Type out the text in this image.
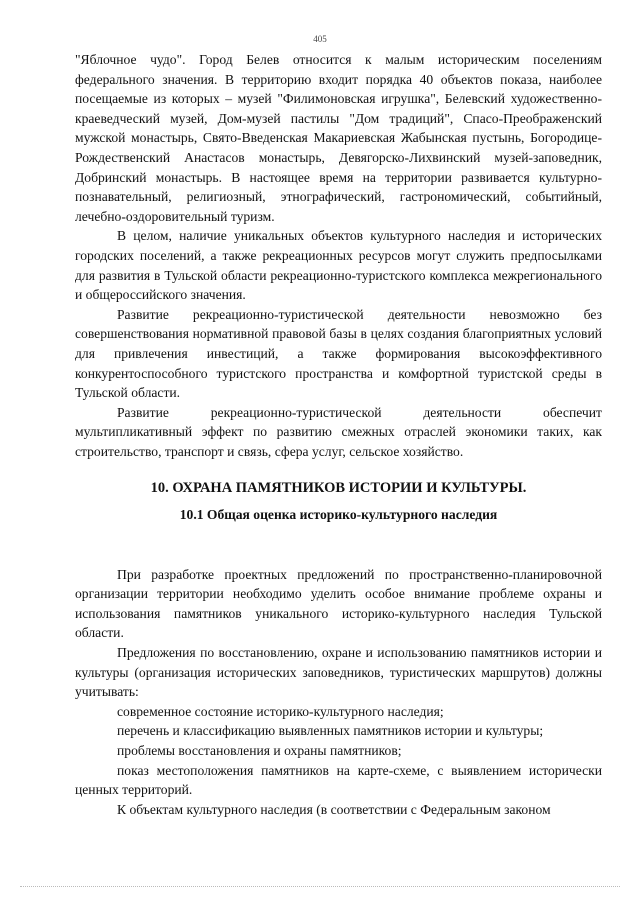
405

"Яблочное чудо". Город Белев относится к малым историческим поселениям федерального значения. В территорию входит порядка 40 объектов показа, наиболее посещаемые из которых – музей "Филимоновская игрушка", Белевский художественно-краеведческий музей, Дом-музей пастилы "Дом традиций", Спасо-Преображенский мужской монастырь, Свято-Введенская Макариевская Жабынская пустынь, Богородице-Рождественский Анастасов монастырь, Девягорско-Лихвинский музей-заповедник, Добринский монастырь. В настоящее время на территории развивается культурно-познавательный, религиозный, этнографический, гастрономический, событийный, лечебно-оздоровительный туризм.

В целом, наличие уникальных объектов культурного наследия и исторических городских поселений, а также рекреационных ресурсов могут служить предпосылками для развития в Тульской области рекреационно-туристского комплекса межрегионального и общероссийского значения.

Развитие рекреационно-туристической деятельности невозможно без совершенствования нормативной правовой базы в целях создания благоприятных условий для привлечения инвестиций, а также формирования высокоэффективного конкурентоспособного туристского пространства и комфортной туристской среды в Тульской области.

Развитие рекреационно-туристической деятельности обеспечит мультипликативный эффект по развитию смежных отраслей экономики таких, как строительство, транспорт и связь, сфера услуг, сельское хозяйство.

10. ОХРАНА ПАМЯТНИКОВ ИСТОРИИ И КУЛЬТУРЫ.
10.1 Общая оценка историко-культурного наследия

При разработке проектных предложений по пространственно-планировочной организации территории необходимо уделить особое внимание проблеме охраны и использования памятников уникального историко-культурного наследия Тульской области.

Предложения по восстановлению, охране и использованию памятников истории и культуры (организация исторических заповедников, туристических маршрутов) должны учитывать:

современное состояние историко-культурного наследия;

перечень и классификацию выявленных памятников истории и культуры;

проблемы восстановления и охраны памятников;

показ местоположения памятников на карте-схеме, с выявлением исторически ценных территорий.

К объектам культурного наследия (в соответствии с Федеральным законом
